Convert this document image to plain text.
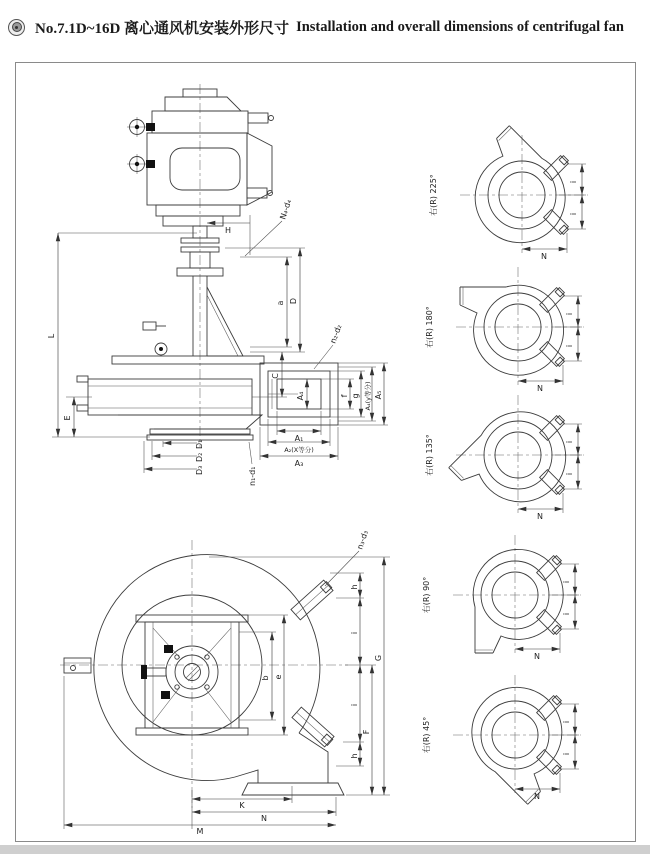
No.7.1D~16D 离心通风机安装外形尺寸 Installation and overall dimensions of centrifugal fan
L
E
H
N₄-d₄
a D
C
A₄	f g A₄(y等分) A₅
n₂-d₂
A₁
A₂(X等分)
A₃
D₁
D₂
D₃	n₁-d₁
n₃-d₃
h
i
i
h
F
G
b e
K
N
M
右(R) 225°	i
i
N
右(R) 180°	i
i
N
右(R) 135°	i
i
N
右(R) 90°	i
i
N
右(R) 45°	i
i
N
